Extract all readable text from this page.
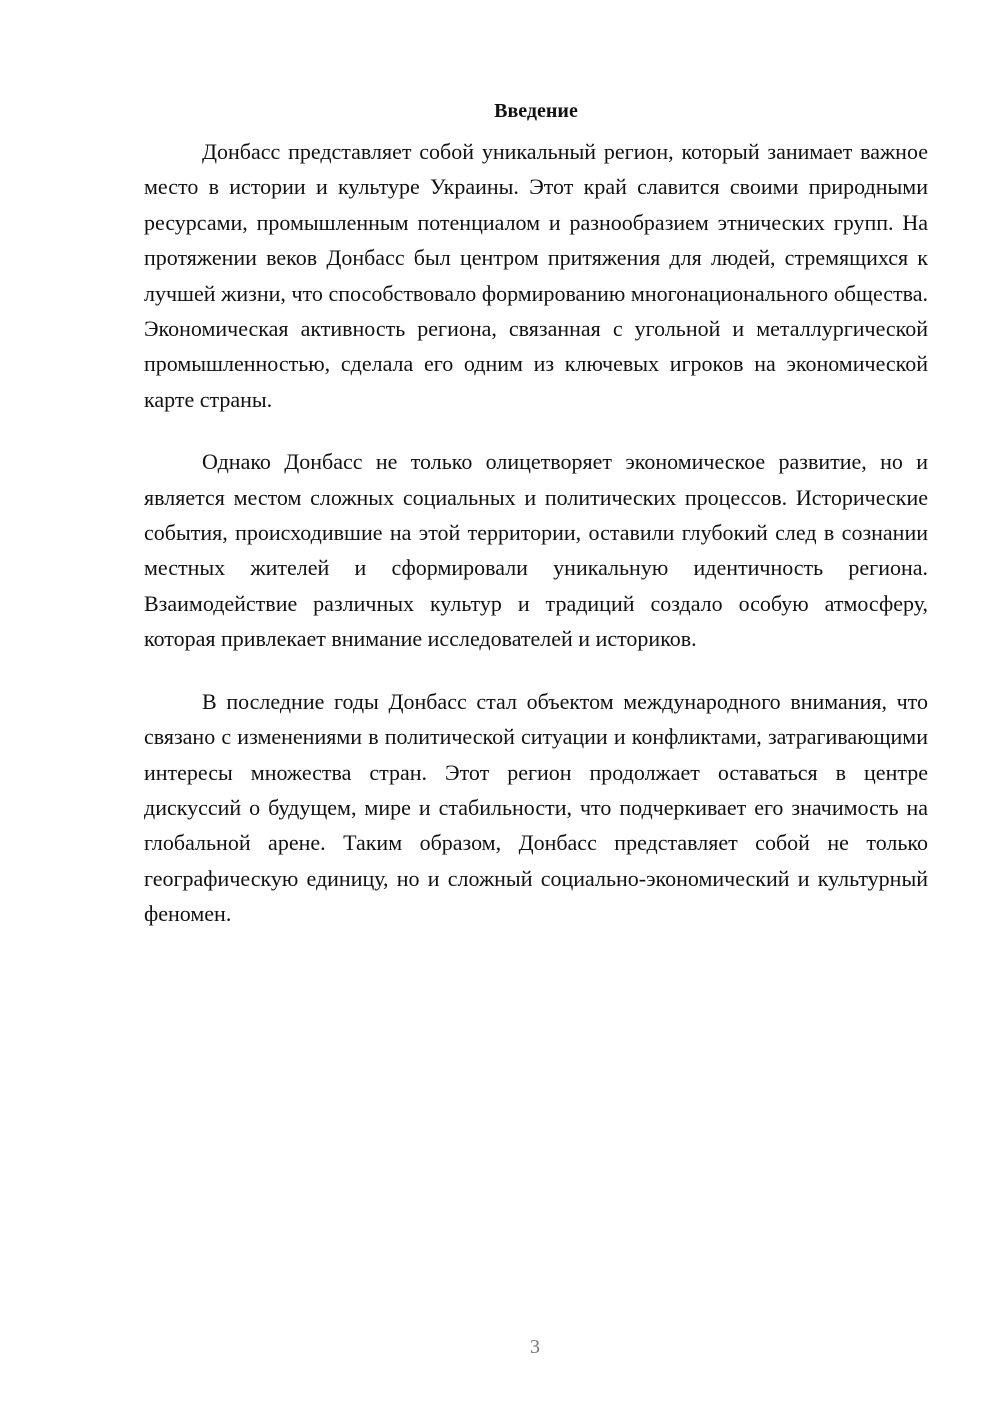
Введение

Донбасс представляет собой уникальный регион, который занимает важное место в истории и культуре Украины. Этот край славится своими природными ресурсами, промышленным потенциалом и разнообразием этнических групп. На протяжении веков Донбасс был центром притяжения для людей, стремящихся к лучшей жизни, что способствовало формированию многонационального общества. Экономическая активность региона, связанная с угольной и металлургической промышленностью, сделала его одним из ключевых игроков на экономической карте страны.

Однако Донбасс не только олицетворяет экономическое развитие, но и является местом сложных социальных и политических процессов. Исторические события, происходившие на этой территории, оставили глубокий след в сознании местных жителей и сформировали уникальную идентичность региона. Взаимодействие различных культур и традиций создало особую атмосферу, которая привлекает внимание исследователей и историков.

В последние годы Донбасс стал объектом международного внимания, что связано с изменениями в политической ситуации и конфликтами, затрагивающими интересы множества стран. Этот регион продолжает оставаться в центре дискуссий о будущем, мире и стабильности, что подчеркивает его значимость на глобальной арене. Таким образом, Донбасс представляет собой не только географическую единицу, но и сложный социально-экономический и культурный феномен.

3
